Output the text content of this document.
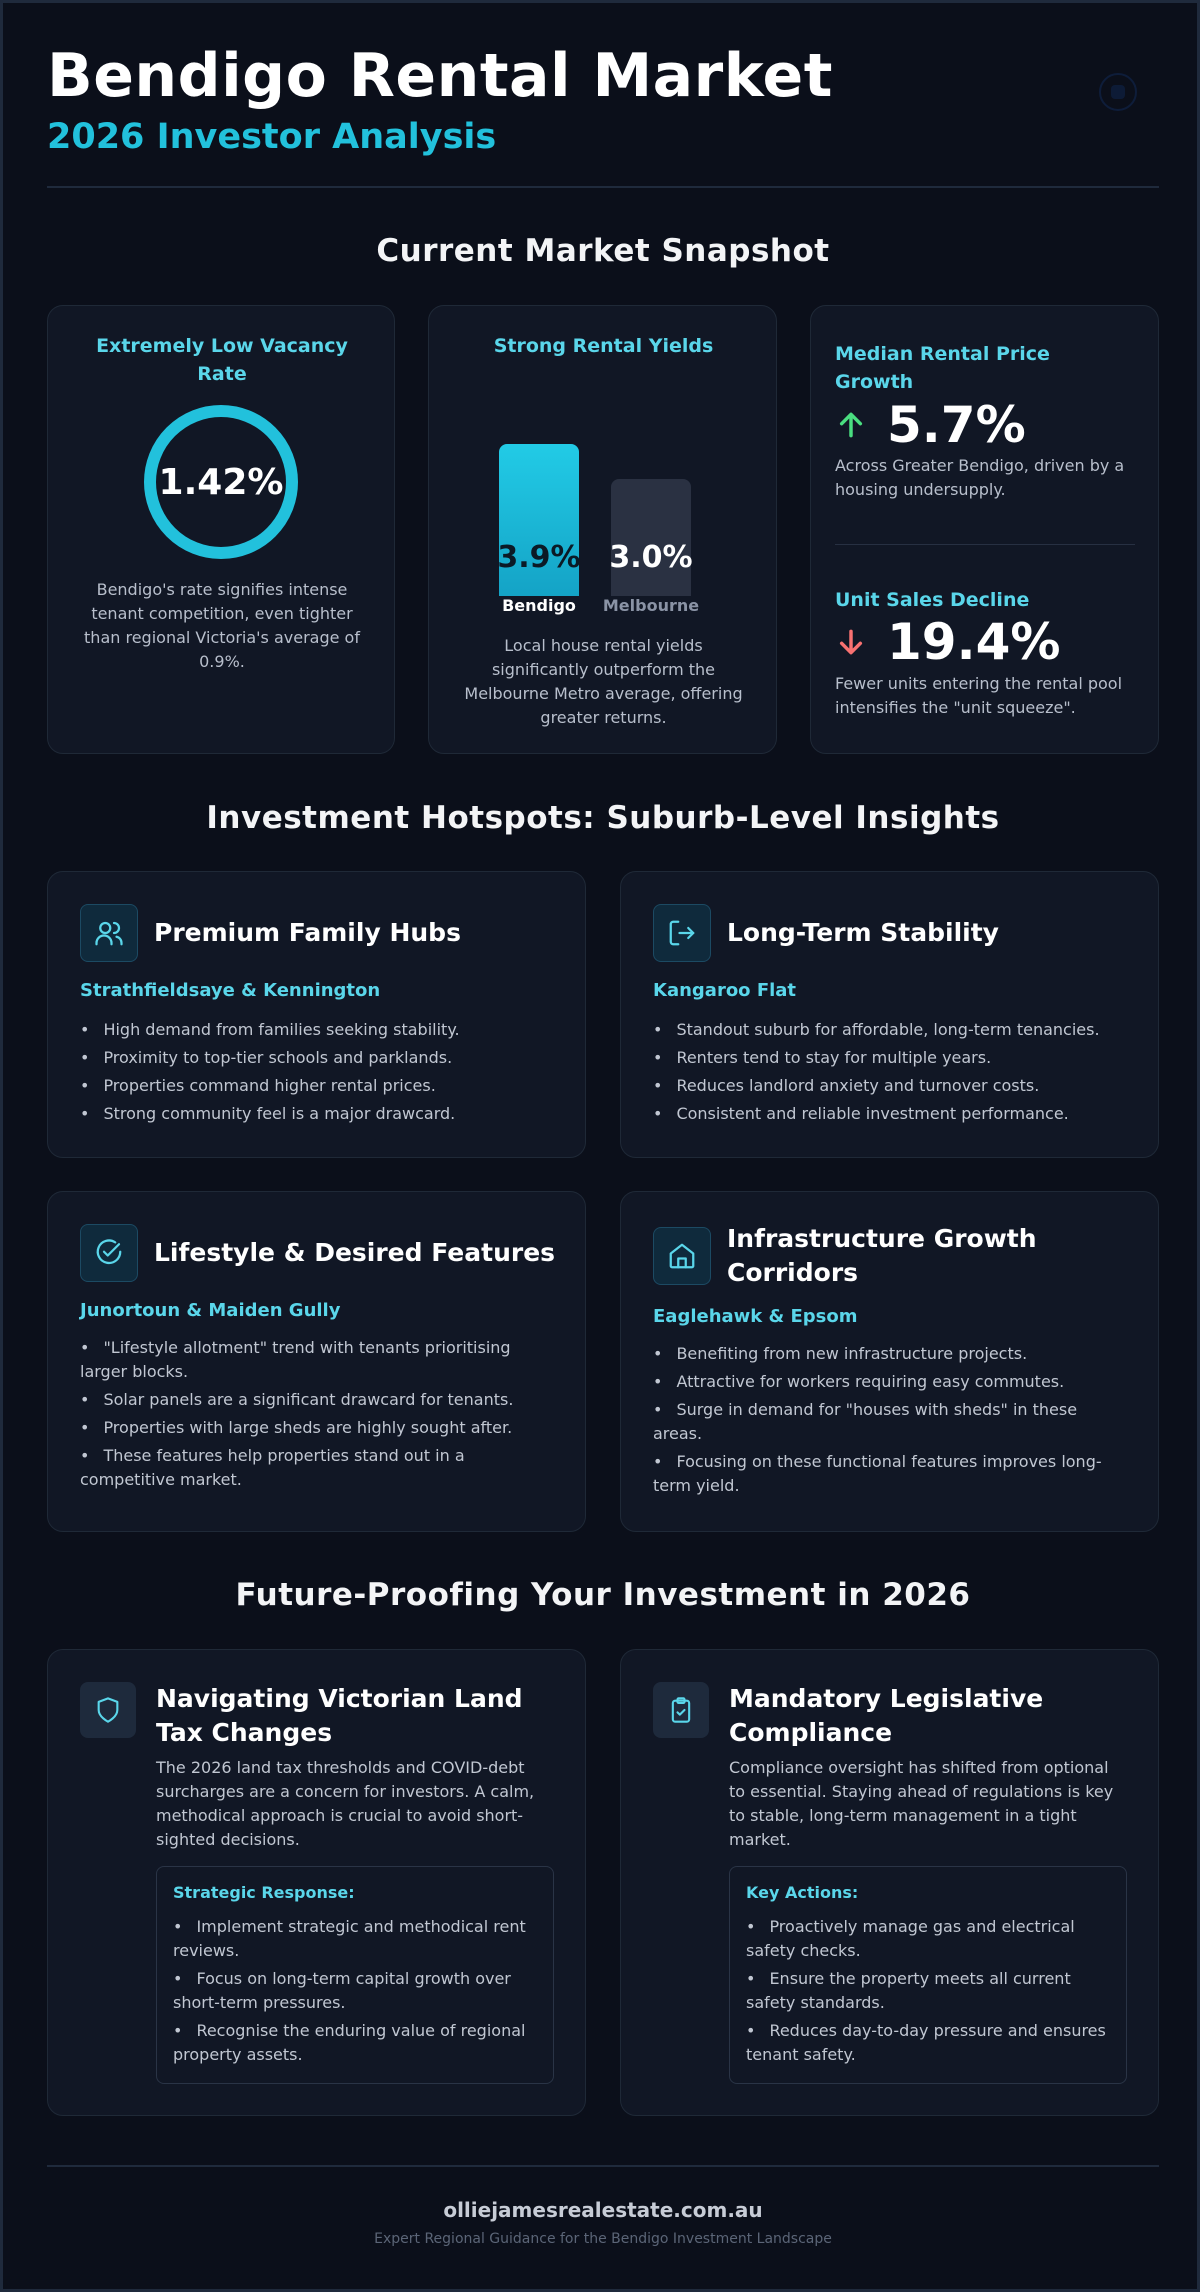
Bendigo Rental Market
2026 Investor Analysis
Current Market Snapshot
Extremely Low Vacancy Rate
1.42%
Bendigo's rate signifies intense tenant competition, even tighter than regional Victoria's average of 0.9%.
Strong Rental Yields
3.9% 3.0%
Bendigo	Melbourne
Local house rental yields significantly outperform the Melbourne Metro average, offering greater returns.
Median Rental Price Growth
5.7%
Across Greater Bendigo, driven by a housing undersupply.
Unit Sales Decline
19.4%
Fewer units entering the rental pool intensifies the "unit squeeze".
Investment Hotspots: Suburb-Level Insights
Premium Family Hubs
Strathfieldsaye & Kennington
• High demand from families seeking stability.
• Proximity to top-tier schools and parklands.
• Properties command higher rental prices.
• Strong community feel is a major drawcard.
Long-Term Stability
Kangaroo Flat
• Standout suburb for affordable, long-term tenancies.
• Renters tend to stay for multiple years.
• Reduces landlord anxiety and turnover costs.
• Consistent and reliable investment performance.
Lifestyle & Desired Features
Junortoun & Maiden Gully
• "Lifestyle allotment" trend with tenants prioritising larger blocks.
• Solar panels are a significant drawcard for tenants.
• Properties with large sheds are highly sought after.
• These features help properties stand out in a competitive market.
Infrastructure Growth Corridors
Eaglehawk & Epsom
• Benefiting from new infrastructure projects.
• Attractive for workers requiring easy commutes.
• Surge in demand for "houses with sheds" in these areas.
• Focusing on these functional features improves long-term yield.
Future-Proofing Your Investment in 2026
Navigating Victorian Land Tax Changes
The 2026 land tax thresholds and COVID-debt surcharges are a concern for investors. A calm, methodical approach is crucial to avoid short-sighted decisions.
Strategic Response:
• Implement strategic and methodical rent reviews.
• Focus on long-term capital growth over short-term pressures.
• Recognise the enduring value of regional property assets.
Mandatory Legislative Compliance
Compliance oversight has shifted from optional to essential. Staying ahead of regulations is key to stable, long-term management in a tight market.
Key Actions:
• Proactively manage gas and electrical safety checks.
• Ensure the property meets all current safety standards.
• Reduces day-to-day pressure and ensures tenant safety.
olliejamesrealestate.com.au
Expert Regional Guidance for the Bendigo Investment Landscape
